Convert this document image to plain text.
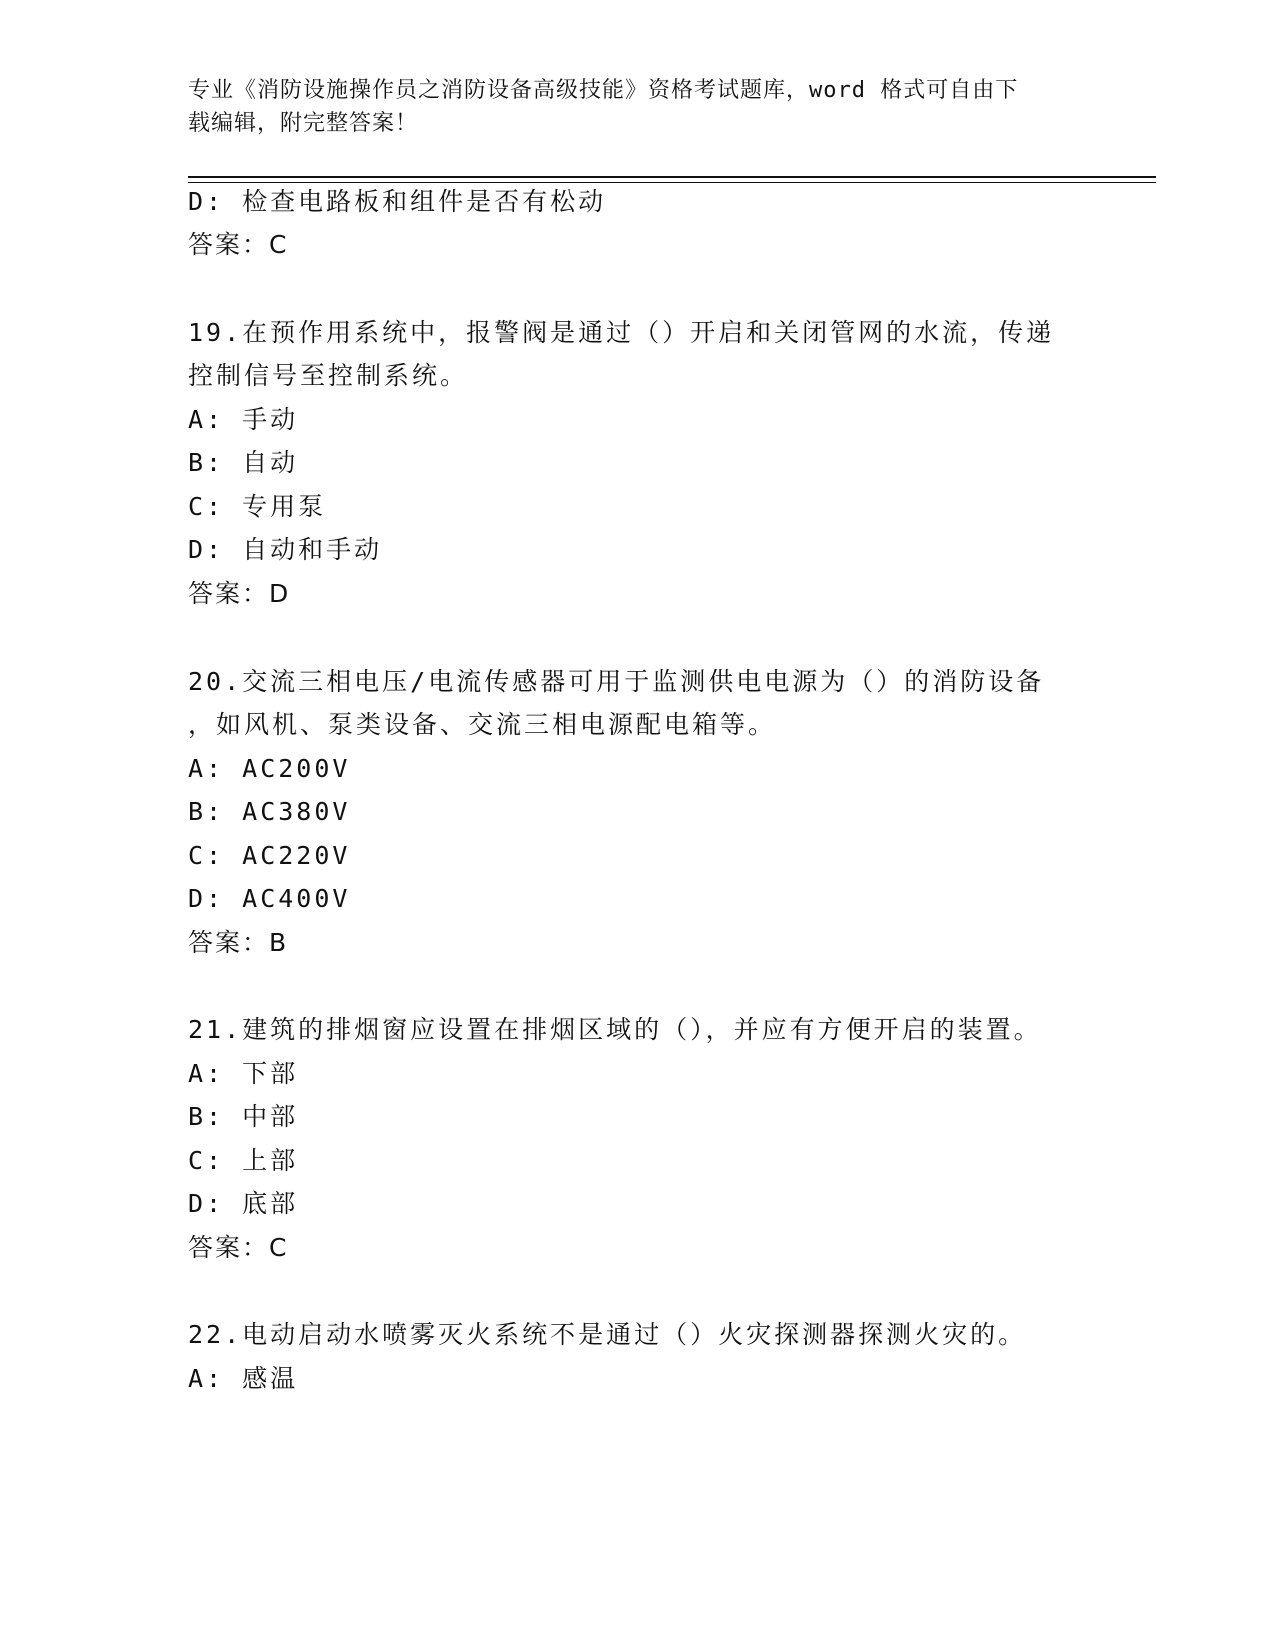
专业《消防设施操作员之消防设备高级技能》资格考试题库，word 格式可自由下
载编辑，附完整答案！
D: 检查电路板和组件是否有松动
答案：C
19.在预作用系统中，报警阀是通过（）开启和关闭管网的水流，传递
控制信号至控制系统。
A: 手动
B: 自动
C: 专用泵
D: 自动和手动
答案：D
20.交流三相电压/电流传感器可用于监测供电电源为（）的消防设备
，如风机、泵类设备、交流三相电源配电箱等。
A: AC200V
B: AC380V
C: AC220V
D: AC400V
答案：B
21.建筑的排烟窗应设置在排烟区域的（），并应有方便开启的装置。
A: 下部
B: 中部
C: 上部
D: 底部
答案：C
22.电动启动水喷雾灭火系统不是通过（）火灾探测器探测火灾的。
A: 感温
